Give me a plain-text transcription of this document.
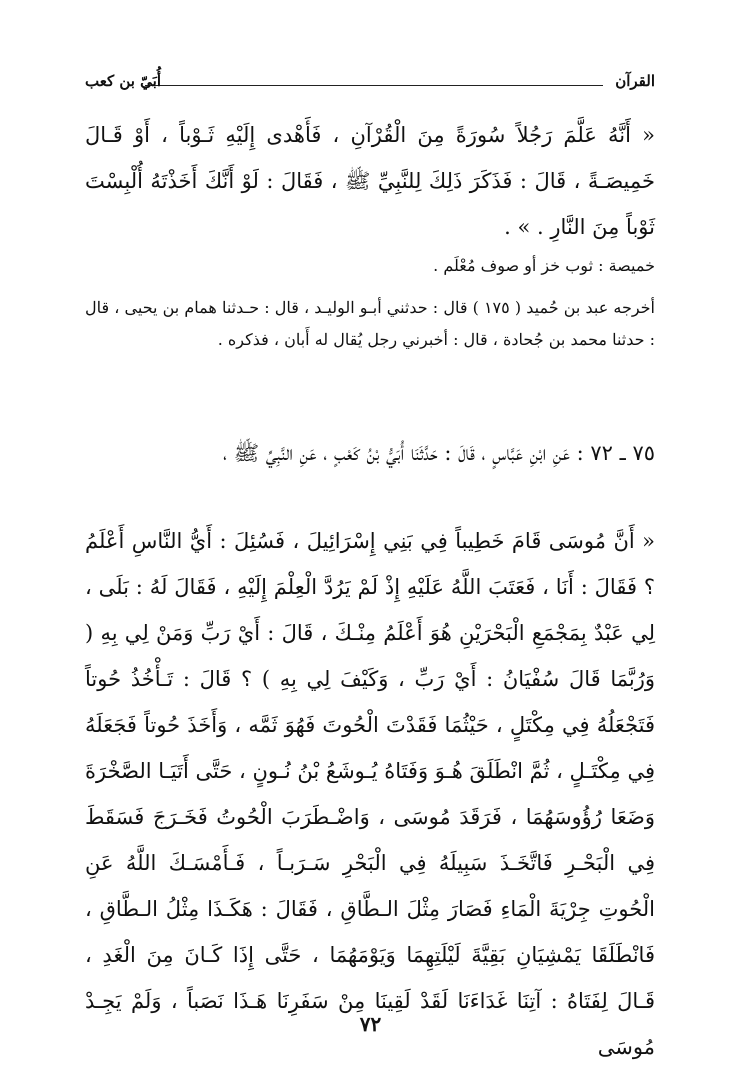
القرآن
أُبَيّ بن كعب
« أَنَّهُ عَلَّمَ رَجُلاً سُورَةً مِنَ الْقُرْآنِ ، فَأَهْدى إِلَيْهِ ثَـوْباً ، أَوْ قَـالَ خَمِيصَـةً ، قَالَ : فَذَكَرَ ذَلِكَ لِلنَّبِيِّ ﷺ ، فَقَالَ : لَوْ أَنَّكَ أَخَذْتَهُ أُلْبِسْتَ ثَوْباً مِنَ النَّارِ . » .
خميصة : ثوب خز أو صوف مُعْلَم .
أخرجه عبد بن حُميد ( ١٧٥ ) قال : حدثني أبـو الوليـد ، قال : حـدثنا همام بن يحيى ، قال : حدثنا محمد بن جُحادة ، قال : أخبرني رجل يُقال له أَبان ، فذكره .
٧٥ ـ ٧٢ : عَنِ ابْنِ عَبَّاسٍ ، قَالَ : حَدَّثَنَا أُبَيُّ بْنُ كَعْبٍ ، عَنِ النَّبِيِّ ﷺ ،
« أَنَّ مُوسَى قَامَ خَطِيباً فِي بَنِي إِسْرَائِيلَ ، فَسُئِلَ : أَيُّ النَّاسِ أَعْلَمُ ؟ فَقَالَ : أَنَا ، فَعَتَبَ اللَّهُ عَلَيْهِ إِذْ لَمْ يَرُدَّ الْعِلْمَ إِلَيْهِ ، فَقَالَ لَهُ : بَلَى ، لِي عَبْدٌ بِمَجْمَعِ الْبَحْرَيْنِ هُوَ أَعْلَمُ مِنْـكَ ، قَالَ : أَيْ رَبِّ وَمَنْ لِي بِهِ ( وَرُبَّمَا قَالَ سُفْيَانُ : أَيْ رَبِّ ، وَكَيْفَ لِي بِهِ ) ؟ قَالَ : تَـأْخُذُ حُوتاً فَتَجْعَلُهُ فِي مِكْتَلٍ ، حَيْثُمَا فَقَدْتَ الْحُوتَ فَهُوَ ثَمَّه ، وَأَخَذَ حُوتاً فَجَعَلَهُ فِي مِكْتَـلٍ ، ثُمَّ انْطَلَقَ هُـوَ وَفَتَاهُ يُـوشَعُ بْنُ نُـونٍ ، حَتَّى أَتَيَـا الصَّخْرَةَ وَضَعَا رُؤُوسَهُمَا ، فَرَقَدَ مُوسَى ، وَاضْـطَرَبَ الْحُوتُ فَخَـرَجَ فَسَقَطَ فِي الْبَحْـرِ فَاتَّخَـذَ سَبِيلَهُ فِي الْبَحْرِ سَـرَبـاً ، فَـأَمْسَـكَ اللَّهُ عَنِ الْحُوتِ جِرْيَةَ الْمَاءِ فَصَارَ مِثْلَ الـطَّاقِ ، فَقَالَ : هَكَـذَا مِثْلُ الـطَّاقِ ، فَانْطَلَقَا يَمْشِيَانِ بَقِيَّةَ لَيْلَتِهِمَا وَيَوْمَهُمَا ، حَتَّى إِذَا كَـانَ مِنَ الْغَدِ ، قَـالَ لِفَتَاهُ : آتِنَا غَدَاءَنَا لَقَدْ لَقِينَا مِنْ سَفَرِنَا هَـذَا نَصَباً ، وَلَمْ يَجِـدْ مُوسَى
٧٢
